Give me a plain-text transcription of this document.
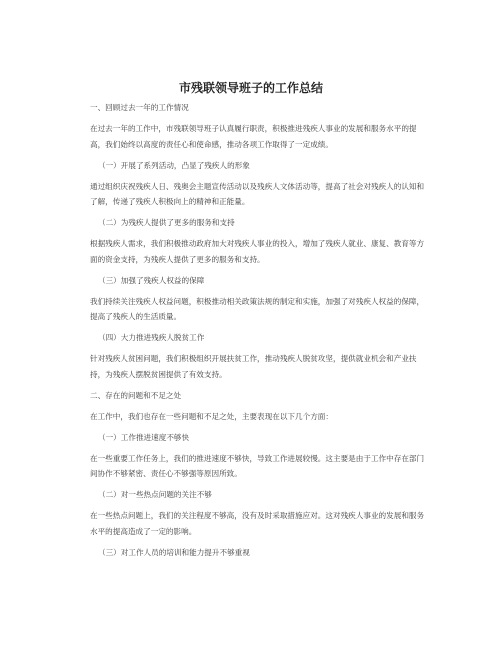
市残联领导班子的工作总结

一、回顾过去一年的工作情况

在过去一年的工作中，市残联领导班子认真履行职责，积极推进残疾人事业的发展和服务水平的提高，我们始终以高度的责任心和使命感，推动各项工作取得了一定成绩。

（一）开展了系列活动，凸显了残疾人的形象

通过组织庆祝残疾人日、残奥会主题宣传活动以及残疾人文体活动等，提高了社会对残疾人的认知和了解，传递了残疾人积极向上的精神和正能量。

（二）为残疾人提供了更多的服务和支持

根据残疾人需求，我们积极推动政府加大对残疾人事业的投入，增加了残疾人就业、康复、教育等方面的资金支持，为残疾人提供了更多的服务和支持。

（三）加强了残疾人权益的保障

我们持续关注残疾人权益问题，积极推动相关政策法规的制定和实施，加强了对残疾人权益的保障，提高了残疾人的生活质量。

（四）大力推进残疾人脱贫工作

针对残疾人贫困问题，我们积极组织开展扶贫工作，推动残疾人脱贫攻坚，提供就业机会和产业扶持，为残疾人摆脱贫困提供了有效支持。

二、存在的问题和不足之处

在工作中，我们也存在一些问题和不足之处，主要表现在以下几个方面：

（一）工作推进速度不够快

在一些重要工作任务上，我们的推进速度不够快，导致工作进展较慢。这主要是由于工作中存在部门间协作不够紧密、责任心不够强等原因所致。

（二）对一些热点问题的关注不够

在一些热点问题上，我们的关注程度不够高，没有及时采取措施应对。这对残疾人事业的发展和服务水平的提高造成了一定的影响。

（三）对工作人员的培训和能力提升不够重视
